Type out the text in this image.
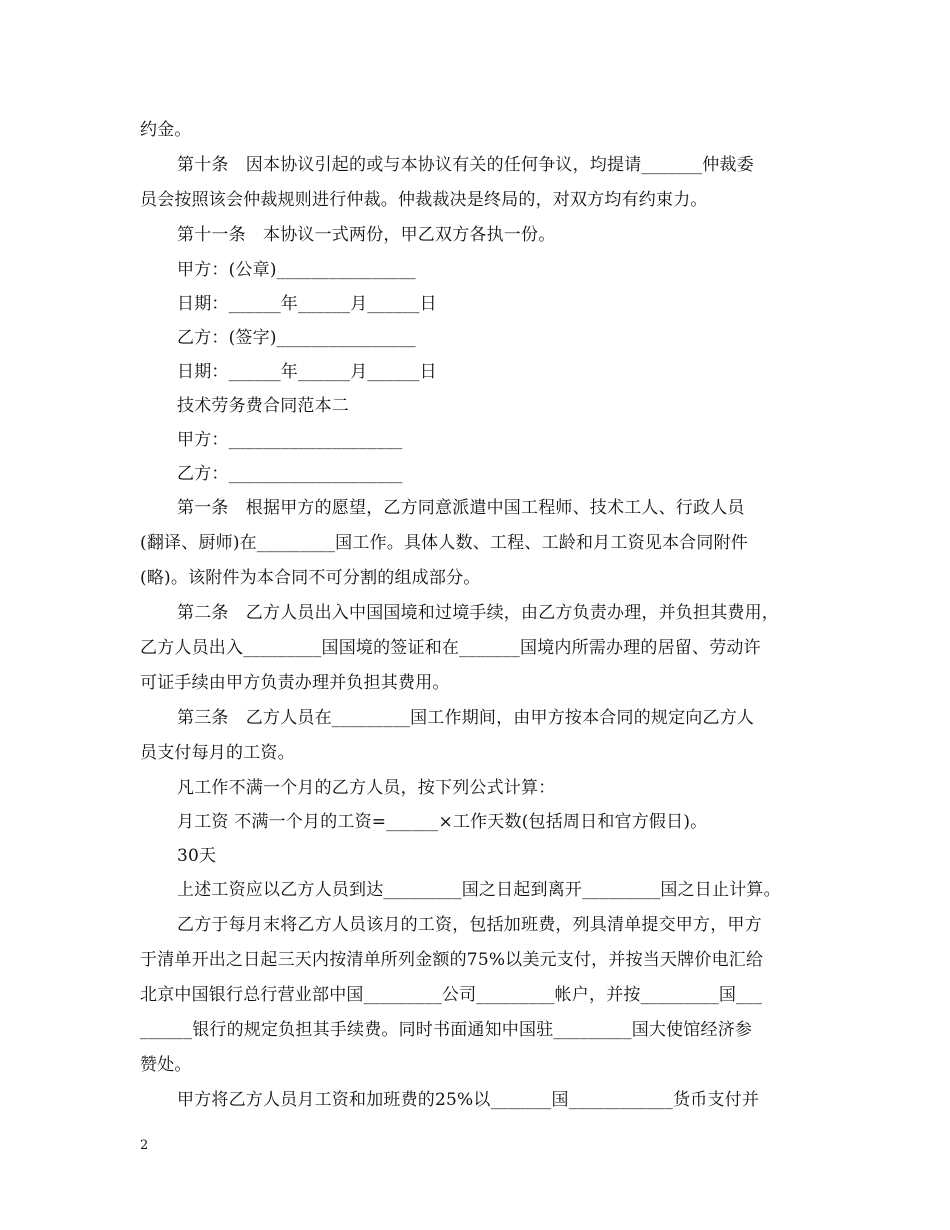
约金。
第十条　因本协议引起的或与本协议有关的任何争议，均提请_______仲裁委
员会按照该会仲裁规则进行仲裁。仲裁裁决是终局的，对双方均有约束力。
第十一条　本协议一式两份，甲乙双方各执一份。
甲方：(公章)________________
日期：______年______月______日
乙方：(签字)________________
日期：______年______月______日
技术劳务费合同范本二
甲方：____________________
乙方：____________________
第一条　根据甲方的愿望，乙方同意派遣中国工程师、技术工人、行政人员
(翻译、厨师)在_________国工作。具体人数、工程、工龄和月工资见本合同附件
(略)。该附件为本合同不可分割的组成部分。
第二条　乙方人员出入中国国境和过境手续，由乙方负责办理，并负担其费用，
乙方人员出入_________国国境的签证和在_______国境内所需办理的居留、劳动许
可证手续由甲方负责办理并负担其费用。
第三条　乙方人员在_________国工作期间，由甲方按本合同的规定向乙方人
员支付每月的工资。
凡工作不满一个月的乙方人员，按下列公式计算：
月工资 不满一个月的工资=______×工作天数(包括周日和官方假日)。
30天
上述工资应以乙方人员到达_________国之日起到离开_________国之日止计算。
乙方于每月末将乙方人员该月的工资，包括加班费，列具清单提交甲方，甲方
于清单开出之日起三天内按清单所列金额的75%以美元支付，并按当天牌价电汇给
北京中国银行总行营业部中国_________公司_________帐户，并按_________国___
______银行的规定负担其手续费。同时书面通知中国驻_________国大使馆经济参
赞处。
甲方将乙方人员月工资和加班费的25%以_______国____________货币支付并
2
